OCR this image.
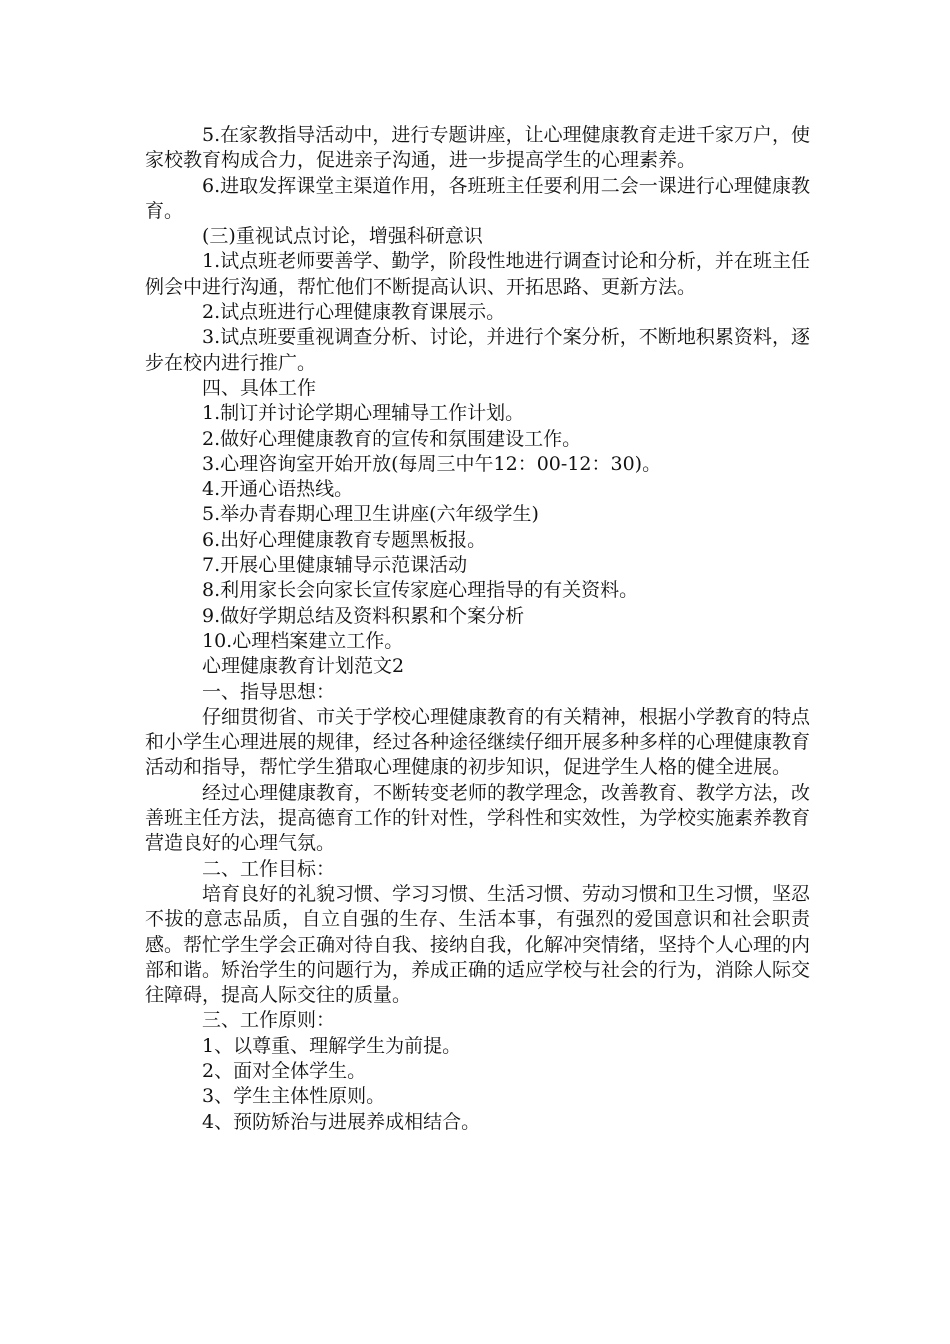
5.在家教指导活动中，进行专题讲座，让心理健康教育走进千家万户，使家校教育构成合力，促进亲子沟通，进一步提高学生的心理素养。

6.进取发挥课堂主渠道作用，各班班主任要利用二会一课进行心理健康教育。

(三)重视试点讨论，增强科研意识

1.试点班老师要善学、勤学，阶段性地进行调查讨论和分析，并在班主任例会中进行沟通，帮忙他们不断提高认识、开拓思路、更新方法。

2.试点班进行心理健康教育课展示。

3.试点班要重视调查分析、讨论，并进行个案分析，不断地积累资料，逐步在校内进行推广。

四、具体工作

1.制订并讨论学期心理辅导工作计划。

2.做好心理健康教育的宣传和氛围建设工作。

3.心理咨询室开始开放(每周三中午12：00-12：30)。

4.开通心语热线。

5.举办青春期心理卫生讲座(六年级学生)

6.出好心理健康教育专题黑板报。

7.开展心里健康辅导示范课活动

8.利用家长会向家长宣传家庭心理指导的有关资料。

9.做好学期总结及资料积累和个案分析

10.心理档案建立工作。

心理健康教育计划范文2

一、指导思想：

仔细贯彻省、市关于学校心理健康教育的有关精神，根据小学教育的特点和小学生心理进展的规律，经过各种途径继续仔细开展多种多样的心理健康教育活动和指导，帮忙学生猎取心理健康的初步知识，促进学生人格的健全进展。

经过心理健康教育，不断转变老师的教学理念，改善教育、教学方法，改善班主任方法，提高德育工作的针对性，学科性和实效性，为学校实施素养教育营造良好的心理气氛。

二、工作目标：

培育良好的礼貌习惯、学习习惯、生活习惯、劳动习惯和卫生习惯，坚忍不拔的意志品质，自立自强的生存、生活本事，有强烈的爱国意识和社会职责感。帮忙学生学会正确对待自我、接纳自我，化解冲突情绪，坚持个人心理的内部和谐。矫治学生的问题行为，养成正确的适应学校与社会的行为，消除人际交往障碍，提高人际交往的质量。

三、工作原则：

1、以尊重、理解学生为前提。

2、面对全体学生。

3、学生主体性原则。

4、预防矫治与进展养成相结合。
